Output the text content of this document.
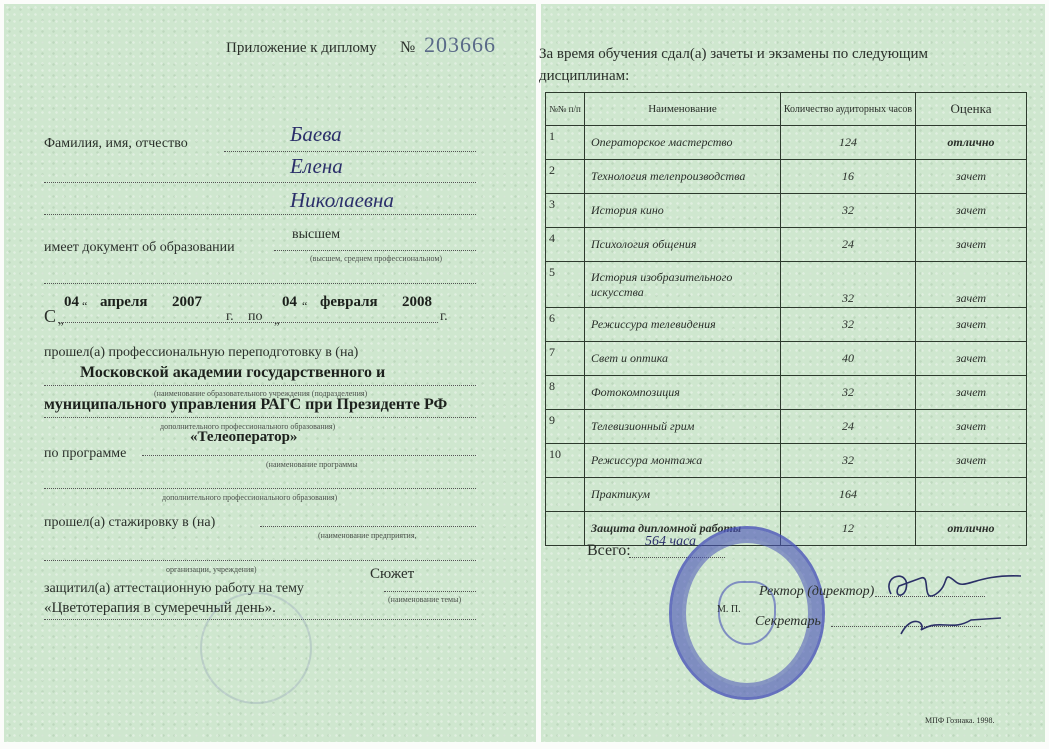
Приложение к диплому № 203666
Фамилия, имя, отчество	Баева
Елена
Николаевна
высшем
имеет документ об образовании
(высшем, среднем профессиональном)
С „
04 “ апреля 2007
г. по „
04 “ февраля 2008
г.
прошел(а) профессиональную переподготовку в (на)
Московской академии государственного и
(наименование образовательного учреждения (подразделения)
муниципального управления РАГС при Президенте РФ
дополнительного профессионального образования)
«Телеоператор»
по программе
(наименование программы
дополнительного профессионального образования)
прошел(а) стажировку в (на)
(наименование предприятия,
организации, учреждения)	Сюжет
защитил(а) аттестационную работу на тему
(наименование темы)
«Цветотерапия в сумеречный день».
За время обучения сдал(а) зачеты и экзамены по следующим
дисциплинам:
№№ п/п	Наименование	Количество аудиторных часов	Оценка
1	Операторское мастерство	124	отлично
2	Технология телепроизводства	16	зачет
3	История кино	32	зачет
4	Психология общения	24	зачет
5	История изобразительного искусства	32	зачет
6	Режиссура телевидения	32	зачет
7	Свет и оптика	40	зачет
8	Фотокомпозиция	32	зачет
9	Телевизионный грим	24	зачет
10	Режиссура монтажа	32	зачет
	Практикум	164	
	Защита дипломной работы	12	отлично
Всего:
564 часа
Ректор (директор)
М. П.
Секретарь
МПФ Гознака. 1998.
